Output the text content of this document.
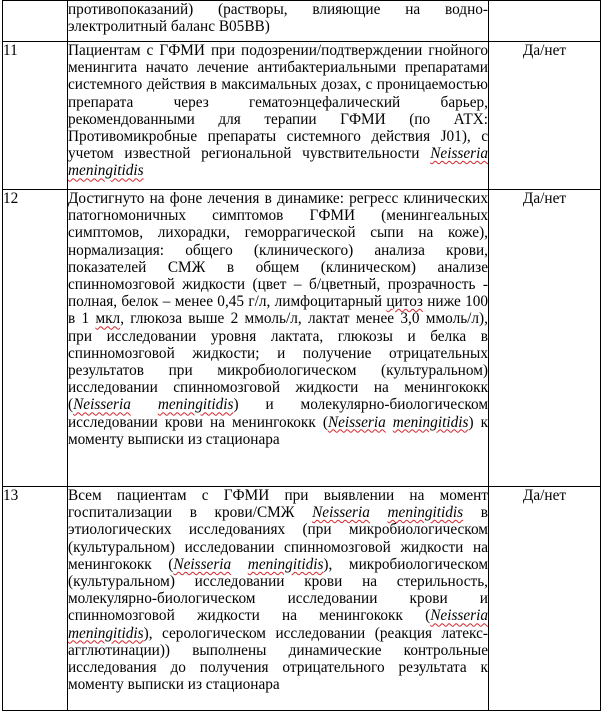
	противопоказаний) (растворы, влияющие на водно-электролитный баланс B05BB)	
11	Пациентам с ГФМИ при подозрении/подтверждении гнойного менингита начато лечение антибактериальными препаратами системного действия в максимальных дозах, с проницаемостью препарата через гематоэнцефалический барьер, рекомендованными для терапии ГФМИ (по АТХ: Противомикробные препараты системного действия J01), с учетом известной региональной чувствительности Neisseria meningitidis	Да/нет
12	Достигнуто на фоне лечения в динамике: регресс клинических патогномоничных симптомов ГФМИ (менингеальных симптомов, лихорадки, геморрагической сыпи на коже), нормализация: общего (клинического) анализа крови, показателей СМЖ в общем (клиническом) анализе спинномозговой жидкости (цвет – б/цветный, прозрачность - полная, белок – менее 0,45 г/л, лимфоцитарный цитоз ниже 100 в 1 мкл, глюкоза выше 2 ммоль/л, лактат менее 3,0 ммоль/л), при исследовании уровня лактата, глюкозы и белка в спинномозговой жидкости; и получение отрицательных результатов при микробиологическом (культуральном) исследовании спинномозговой жидкости на менингококк (Neisseria meningitidis) и молекулярно-биологическом исследовании крови на менингококк (Neisseria meningitidis) к моменту выписки из стационара	Да/нет
13	Всем пациентам с ГФМИ при выявлении на момент госпитализации в крови/СМЖ Neisseria meningitidis в этиологических исследованиях (при микробиологическом (культуральном) исследовании спинномозговой жидкости на менингококк (Neisseria meningitidis), микробиологическом (культуральном) исследовании крови на стерильность, молекулярно-биологическом исследовании крови и спинномозговой жидкости на менингококк (Neisseria meningitidis), серологическом исследовании (реакция латекс-агглютинации)) выполнены динамические контрольные исследования до получения отрицательного результата к моменту выписки из стационара	Да/нет
